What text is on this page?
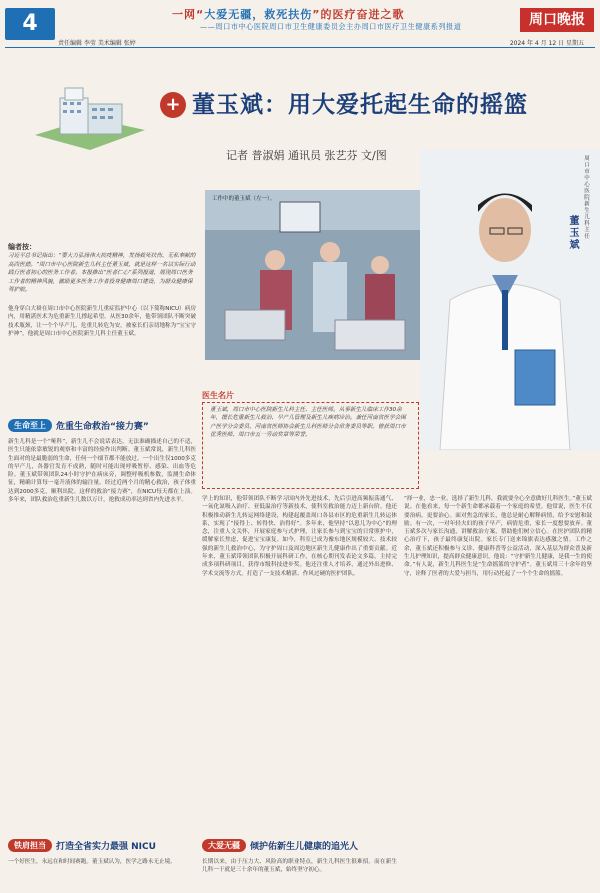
4
责任编辑 李莹 美术编辑 张婷
一网“大爱无疆，救死扶伤”的医疗奋进之歌
——周口市中心医院周口市卫生健康委员会主办周口市医疗卫生健康系列报道	周口晚报
2024 年 4 月 12 日 星期五
+ 董玉斌：用大爱托起生命的摇篮
记者 普淑娟 通讯员 张艺芬 文/图
工作中的董玉斌（左一）。	周口市中心医院新生儿科主任
董玉斌
编者按：
习近平总书记指出：“要大力弘扬伟大抗疫精神，发扬救死扶伤、无私奉献的高尚医德。”周口市中心医院新生儿科主任董玉斌，就是这样一名以实际行动践行医者初心的医务工作者。本报推出“医者仁心”系列报道，展现周口医务工作者的精神风貌，激励更多医务工作者投身健康周口建设，为群众健康保驾护航。
他身穿白大褂在周口市中心医院新生儿重症监护中心（以下简称NICU）病房内，用精湛医术为危重新生儿撑起希望。从医30余年，他带领团队不断突破技术瓶颈，让一个个早产儿、危重儿转危为安，被家长们亲切地称为“宝宝守护神”。他就是周口市中心医院新生儿科主任董玉斌。
生命至上	危重生命救治“接力赛”
新生儿科是一个“哑科”，新生儿不会说话表达，无法准确描述自己的不适，医生只能依靠敏锐的观察和丰富的经验作出判断。董玉斌常说，新生儿科医生面对的是最脆弱的生命，任何一个细节都不能放过。一个出生仅1000多克的早产儿，各器官发育不成熟，随时可能出现呼吸暂停、感染、出血等危险。董玉斌带领团队24小时守护在病床旁，调整呼吸机参数，监测生命体征，精确计算每一毫升液体的输注量。经过近两个月的精心救治，孩子体重达到2000多克，顺利出院。这样的救治“接力赛”，在NICU每天都在上演。多年来，团队救治危重新生儿数以万计，抢救成功率达到省内先进水平。
铁肩担当	打造全省实力最强 NICU
一个好医生，永远在和时间赛跑。董玉斌认为，医学之路永无止境。
医生名片
董玉斌，周口市中心医院新生儿科主任、主任医师。从事新生儿临床工作30余年，擅长危重新生儿救治、早产儿管理及新生儿疾病诊治。兼任河南省医学会围产医学分会委员、河南省医师协会新生儿科医师分会常务委员等职。曾获周口市优秀医师、周口市五一劳动奖章等荣誉。
学上的知识，他带领团队不断学习国内外先进技术，先后引进高频振荡通气、一氧化氮吸入治疗、亚低温治疗等新技术，使科室救治能力迈上新台阶。他还积极推动新生儿转运网络建设，构建起覆盖周口各县市区的危重新生儿转运体系，实现了“接得上、转得快、治得好”。多年来，他坚持“以患儿为中心”的理念，注重人文关怀，开展家庭参与式护理，让家长参与到宝宝的日常照护中，缓解家长焦虑，促进宝宝康复。如今，科室已成为豫东地区规模较大、技术较强的新生儿救治中心，为守护周口及周边地区新生儿健康作出了重要贡献。近年来，董玉斌带领团队积极开展科研工作，在核心期刊发表论文多篇，主持完成多项科研项目，获得市级科技进步奖。他还注重人才培养，通过外出进修、学术交流等方式，打造了一支技术精湛、作风过硬的医护团队。
大爱无疆	倾护佑新生儿健康的追光人
长期以来，由于压力大、风险高的职业特点，新生儿科医生很难招。而在新生儿科一干就是三十余年的董玉斌，始终坚守初心。
“择一业，忠一业，选择了新生儿科，我就要全心全意做好儿科医生。”董玉斌说。在他看来，每一个新生命都承载着一个家庭的希望。他常说，医生不仅要治病，更要治心。面对焦急的家长，他总是耐心解释病情，给予安慰和鼓励。有一次，一对年轻夫妇的孩子早产，病情危重，家长一度想要放弃。董玉斌多次与家长沟通，讲解救治方案，帮助他们树立信心。在医护团队的精心治疗下，孩子最终康复出院。家长专门送来锦旗表达感激之情。工作之余，董玉斌还积极参与义诊、健康科普等公益活动，深入基层为群众普及新生儿护理知识，提高群众健康意识。他说：“守护新生儿健康，是我一生的使命。”有人说，新生儿科医生是“生命摇篮的守护者”。董玉斌用三十余年的坚守，诠释了医者的大爱与担当，用行动托起了一个个生命的摇篮。
